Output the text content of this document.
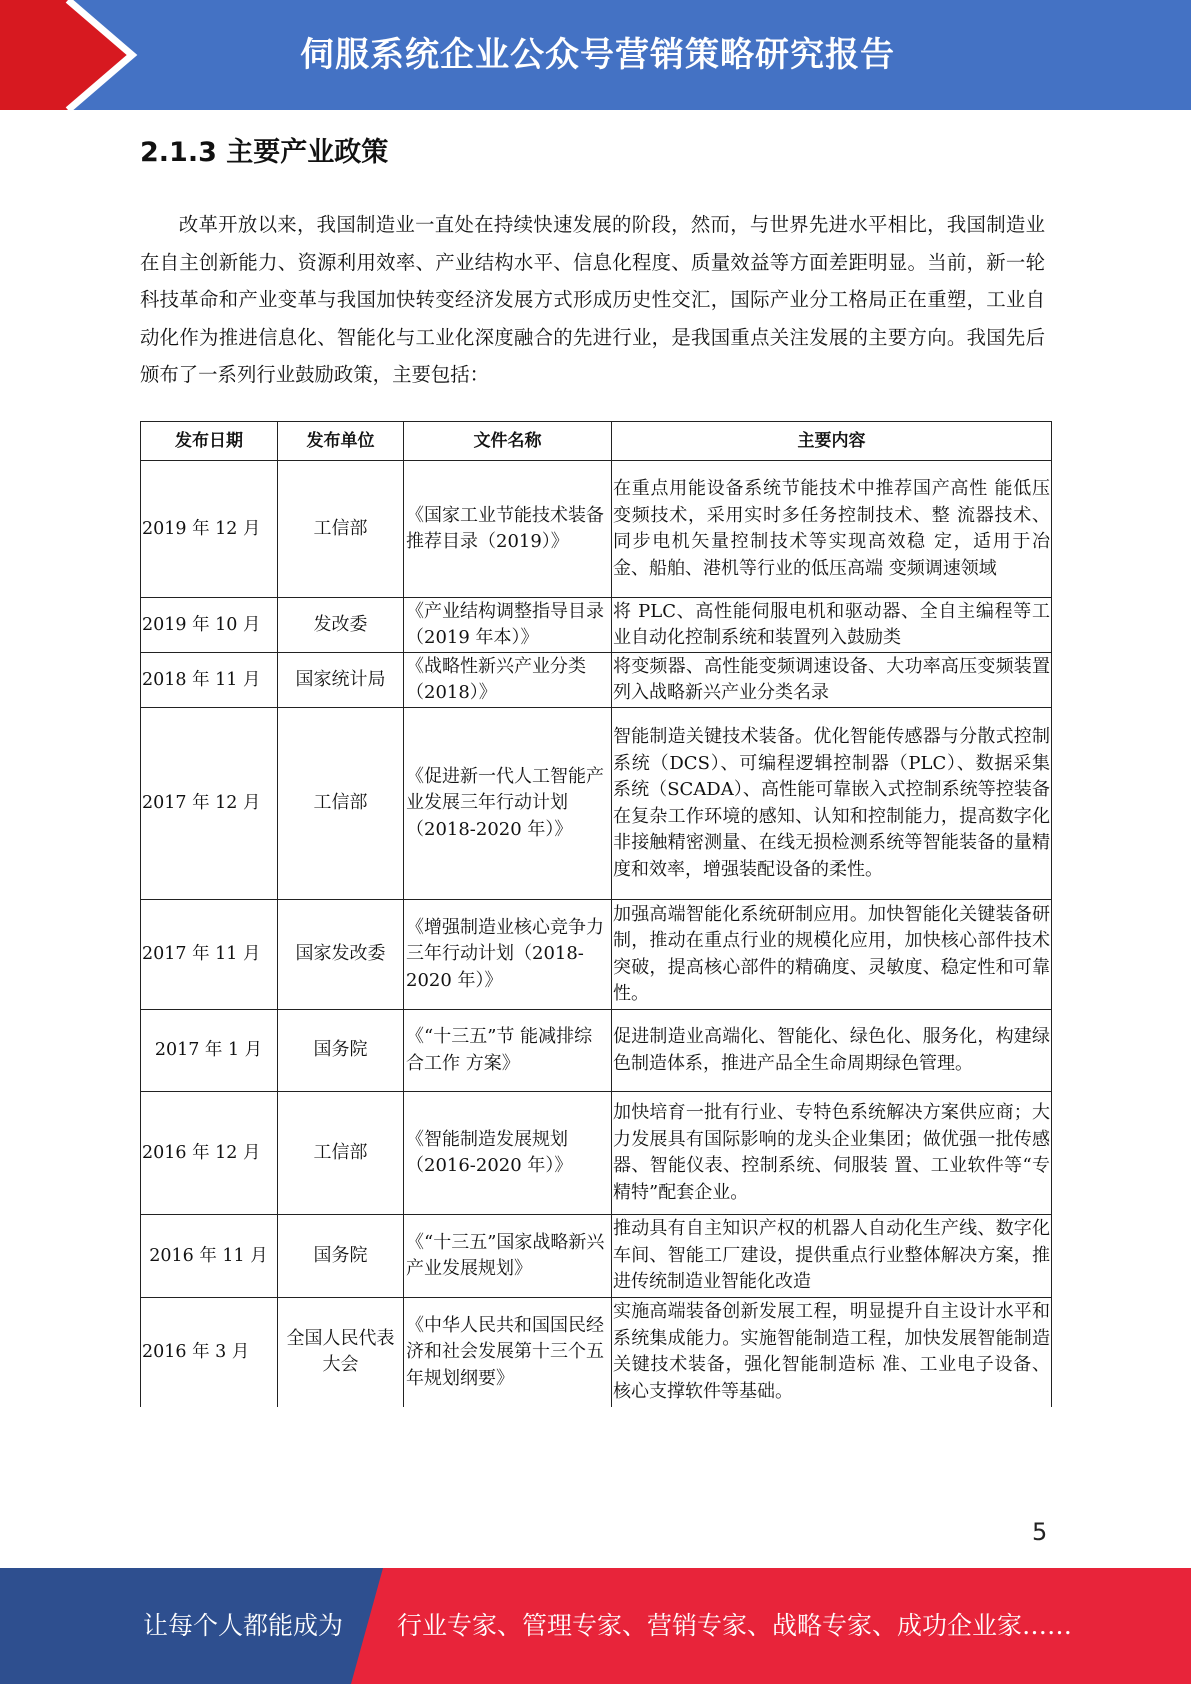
伺服系统企业公众号营销策略研究报告
2.1.3 主要产业政策

改革开放以来，我国制造业一直处在持续快速发展的阶段，然而，与世界先进水平相比，我国制造业在自主创新能力、资源利用效率、产业结构水平、信息化程度、质量效益等方面差距明显。当前，新一轮科技革命和产业变革与我国加快转变经济发展方式形成历史性交汇，国际产业分工格局正在重塑，工业自动化作为推进信息化、智能化与工业化深度融合的先进行业，是我国重点关注发展的主要方向。我国先后颁布了一系列行业鼓励政策，主要包括：

发布日期	发布单位	文件名称	主要内容
2019 年 12 月	工信部	《国家工业节能技术装备推荐目录（2019）》	在重点用能设备系统节能技术中推荐国产高性 能低压变频技术，采用实时多任务控制技术、整 流器技术、同步电机矢量控制技术等实现高效稳 定，适用于冶金、船舶、港机等行业的低压高端 变频调速领域
2019 年 10 月	发改委	《产业结构调整指导目录（2019 年本）》	将 PLC、高性能伺服电机和驱动器、全自主编程等工业自动化控制系统和装置列入鼓励类
2018 年 11 月	国家统计局	《战略性新兴产业分类（2018）》	将变频器、高性能变频调速设备、大功率高压变频装置列入战略新兴产业分类名录
2017 年 12 月	工信部	《促进新一代人工智能产业发展三年行动计划（2018-2020 年）》	智能制造关键技术装备。优化智能传感器与分散式控制系统（DCS）、可编程逻辑控制器（PLC）、数据采集系统（SCADA）、高性能可靠嵌入式控制系统等控装备在复杂工作环境的感知、认知和控制能力，提高数字化非接触精密测量、在线无损检测系统等智能装备的量精度和效率，增强装配设备的柔性。
2017 年 11 月	国家发改委	《增强制造业核心竞争力三年行动计划（2018-2020 年）》	加强高端智能化系统研制应用。加快智能化关键装备研制，推动在重点行业的规模化应用，加快核心部件技术突破，提高核心部件的精确度、灵敏度、稳定性和可靠性。
2017 年 1 月	国务院	《“十三五”节 能减排综合工作 方案》	促进制造业高端化、智能化、绿色化、服务化，构建绿色制造体系，推进产品全生命周期绿色管理。
2016 年 12 月	工信部	《智能制造发展规划（2016-2020 年）》	加快培育一批有行业、专特色系统解决方案供应商；大力发展具有国际影响的龙头企业集团；做优强一批传感器、智能仪表、控制系统、伺服装 置、工业软件等“专精特”配套企业。
2016 年 11 月	国务院	《“十三五”国家战略新兴产业发展规划》	推动具有自主知识产权的机器人自动化生产线、数字化车间、智能工厂建设，提供重点行业整体解决方案，推进传统制造业智能化改造
2016 年 3 月	全国人民代表大会	《中华人民共和国国民经济和社会发展第十三个五年规划纲要》	实施高端装备创新发展工程，明显提升自主设计水平和系统集成能力。实施智能制造工程，加快发展智能制造关键技术装备，强化智能制造标 准、工业电子设备、核心支撑软件等基础。
5
让每个人都能成为 行业专家、管理专家、营销专家、战略专家、成功企业家……
